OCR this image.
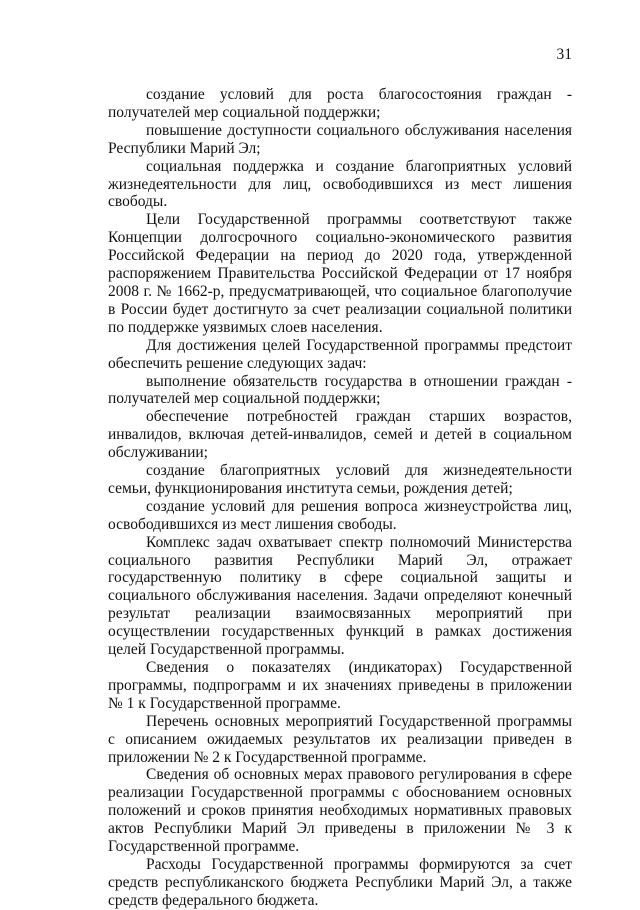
31

создание условий для роста благосостояния граждан - получателей мер социальной поддержки;

повышение доступности социального обслуживания населения Республики Марий Эл;

социальная поддержка и создание благоприятных условий жизнедеятельности для лиц, освободившихся из мест лишения свободы.

Цели Государственной программы соответствуют также Концепции долгосрочного социально-экономического развития Российской Федерации на период до 2020 года, утвержденной распоряжением Правительства Российской Федерации от 17 ноября 2008 г. № 1662-р, предусматривающей, что социальное благополучие в России будет достигнуто за счет реализации социальной политики по поддержке уязвимых слоев населения.

Для достижения целей Государственной программы предстоит обеспечить решение следующих задач:

выполнение обязательств государства в отношении граждан - получателей мер социальной поддержки;

обеспечение потребностей граждан старших возрастов, инвалидов, включая детей-инвалидов, семей и детей в социальном обслуживании;

создание благоприятных условий для жизнедеятельности семьи, функционирования института семьи, рождения детей;

создание условий для решения вопроса жизнеустройства лиц, освободившихся из мест лишения свободы.

Комплекс задач охватывает спектр полномочий Министерства социального развития Республики Марий Эл, отражает государственную политику в сфере социальной защиты и социального обслуживания населения. Задачи определяют конечный результат реализации взаимосвязанных мероприятий при осуществлении государственных функций в рамках достижения целей Государственной программы.

Сведения о показателях (индикаторах) Государственной программы, подпрограмм и их значениях приведены в приложении № 1 к Государственной программе.

Перечень основных мероприятий Государственной программы с описанием ожидаемых результатов их реализации приведен в приложении № 2 к Государственной программе.

Сведения об основных мерах правового регулирования в сфере реализации Государственной программы с обоснованием основных положений и сроков принятия необходимых нормативных правовых актов Республики Марий Эл приведены в приложении № 3 к Государственной программе.

Расходы Государственной программы формируются за счет средств республиканского бюджета Республики Марий Эл, а также средств федерального бюджета.
